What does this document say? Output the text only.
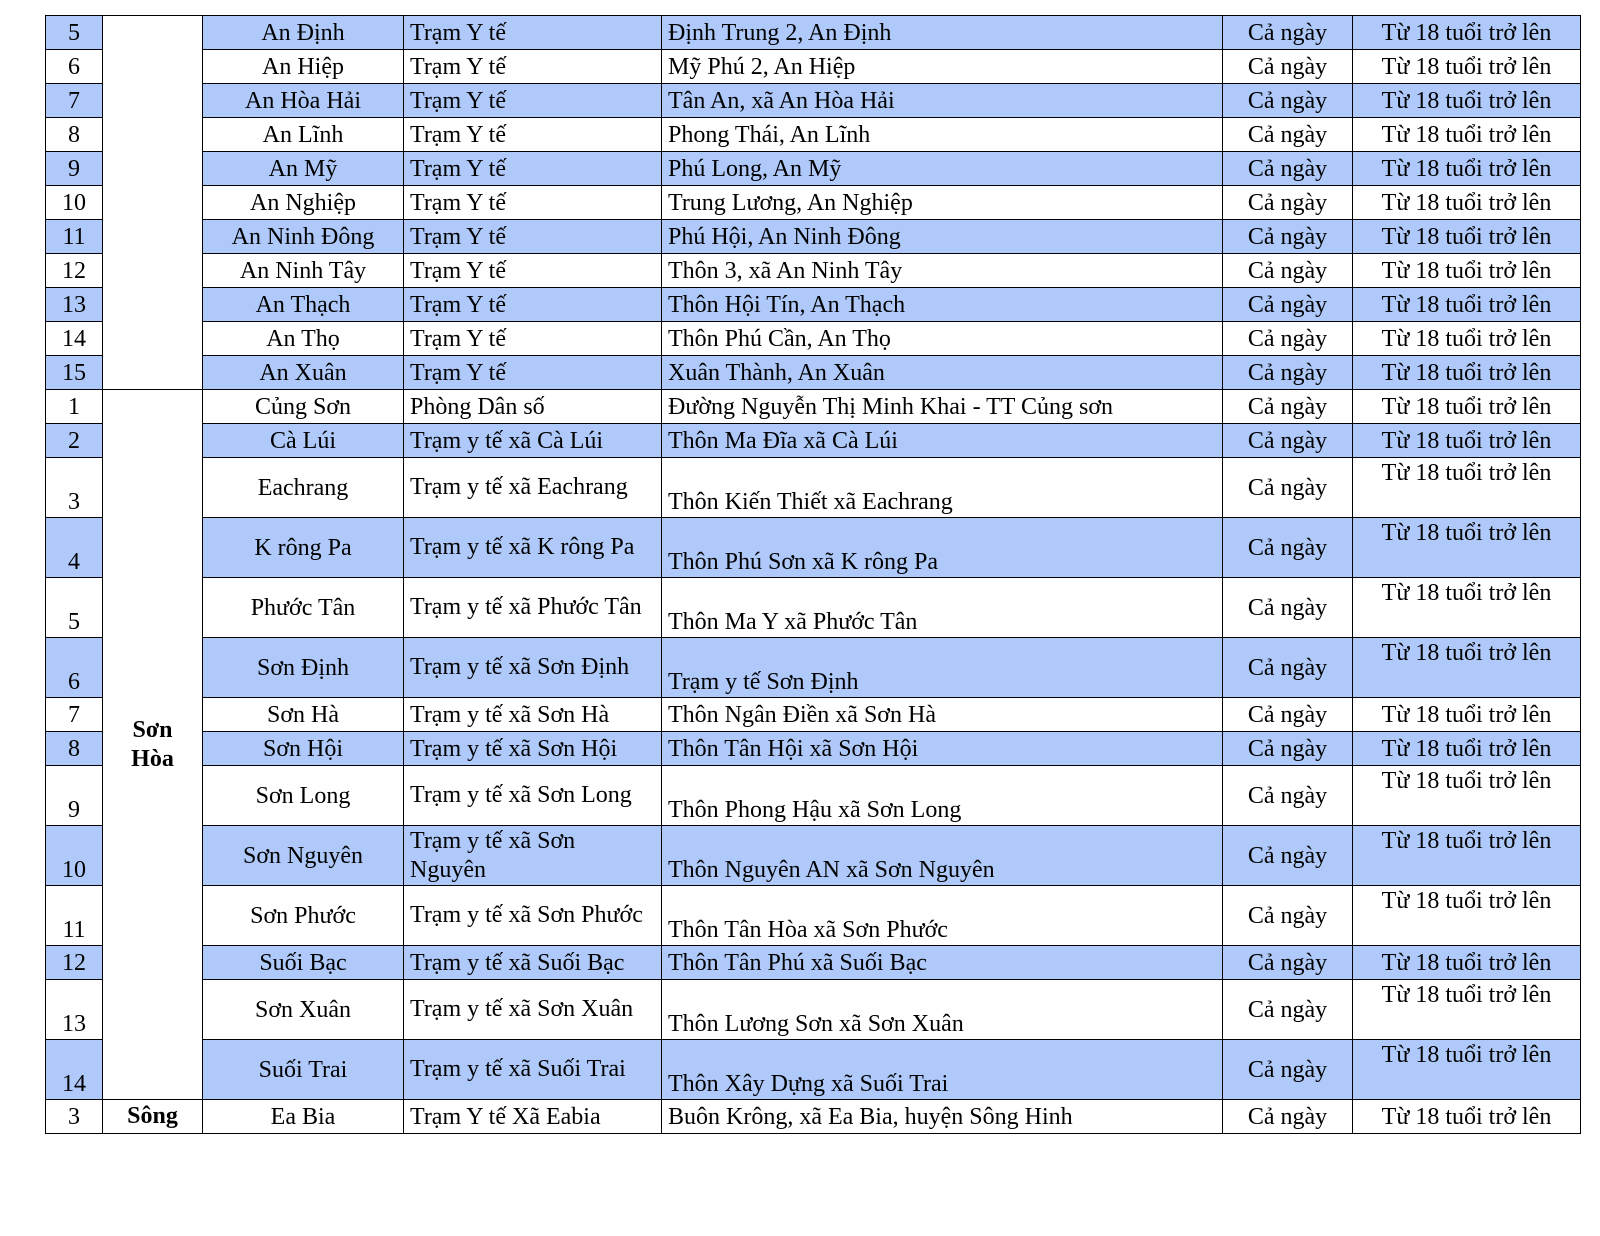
5		An Định	Trạm Y tế	Định Trung 2, An Định	Cả ngày	Từ 18 tuổi trở lên
6		An Hiệp	Trạm Y tế	Mỹ Phú 2, An Hiệp	Cả ngày	Từ 18 tuổi trở lên
7		An Hòa Hải	Trạm Y tế	Tân An, xã An Hòa Hải	Cả ngày	Từ 18 tuổi trở lên
8		An Lĩnh	Trạm Y tế	Phong Thái, An Lĩnh	Cả ngày	Từ 18 tuổi trở lên
9		An Mỹ	Trạm Y tế	Phú Long, An Mỹ	Cả ngày	Từ 18 tuổi trở lên
10		An Nghiệp	Trạm Y tế	Trung Lương, An Nghiệp	Cả ngày	Từ 18 tuổi trở lên
11		An Ninh Đông	Trạm Y tế	Phú Hội, An Ninh Đông	Cả ngày	Từ 18 tuổi trở lên
12		An Ninh Tây	Trạm Y tế	Thôn 3, xã An Ninh Tây	Cả ngày	Từ 18 tuổi trở lên
13		An Thạch	Trạm Y tế	Thôn Hội Tín, An Thạch	Cả ngày	Từ 18 tuổi trở lên
14		An Thọ	Trạm Y tế	Thôn Phú Cần, An Thọ	Cả ngày	Từ 18 tuổi trở lên
15		An Xuân	Trạm Y tế	Xuân Thành, An Xuân	Cả ngày	Từ 18 tuổi trở lên
1	Sơn Hòa	Củng Sơn	Phòng Dân số	Đường Nguyễn Thị Minh Khai - TT Củng sơn	Cả ngày	Từ 18 tuổi trở lên
2		Cà Lúi	Trạm y tế xã Cà Lúi	Thôn Ma Đĩa xã Cà Lúi	Cả ngày	Từ 18 tuổi trở lên
3		Eachrang	Trạm y tế xã Eachrang	Thôn Kiến Thiết xã Eachrang	Cả ngày	Từ 18 tuổi trở lên
4		K rông Pa	Trạm y tế xã K rông Pa	Thôn Phú Sơn xã K rông Pa	Cả ngày	Từ 18 tuổi trở lên
5		Phước Tân	Trạm y tế xã Phước Tân	Thôn Ma Y xã Phước Tân	Cả ngày	Từ 18 tuổi trở lên
6		Sơn Định	Trạm y tế xã Sơn Định	Trạm y tế Sơn Định	Cả ngày	Từ 18 tuổi trở lên
7		Sơn Hà	Trạm y tế xã Sơn Hà	Thôn Ngân Điền xã Sơn Hà	Cả ngày	Từ 18 tuổi trở lên
8		Sơn Hội	Trạm y tế xã Sơn Hội	Thôn Tân Hội xã Sơn Hội	Cả ngày	Từ 18 tuổi trở lên
9		Sơn Long	Trạm y tế xã Sơn Long	Thôn Phong Hậu xã Sơn Long	Cả ngày	Từ 18 tuổi trở lên
10		Sơn Nguyên	Trạm y tế xã Sơn Nguyên	Thôn Nguyên AN xã Sơn Nguyên	Cả ngày	Từ 18 tuổi trở lên
11		Sơn Phước	Trạm y tế xã Sơn Phước	Thôn Tân Hòa xã Sơn Phước	Cả ngày	Từ 18 tuổi trở lên
12		Suối Bạc	Trạm y tế xã Suối Bạc	Thôn Tân Phú xã Suối Bạc	Cả ngày	Từ 18 tuổi trở lên
13		Sơn Xuân	Trạm y tế xã Sơn Xuân	Thôn Lương Sơn xã Sơn Xuân	Cả ngày	Từ 18 tuổi trở lên
14		Suối Trai	Trạm y tế xã Suối Trai	Thôn Xây Dựng xã Suối Trai	Cả ngày	Từ 18 tuổi trở lên
3	Sông	Ea Bia	Trạm Y tế Xã Eabia	Buôn Krông, xã Ea Bia, huyện Sông Hinh	Cả ngày	Từ 18 tuổi trở lên
